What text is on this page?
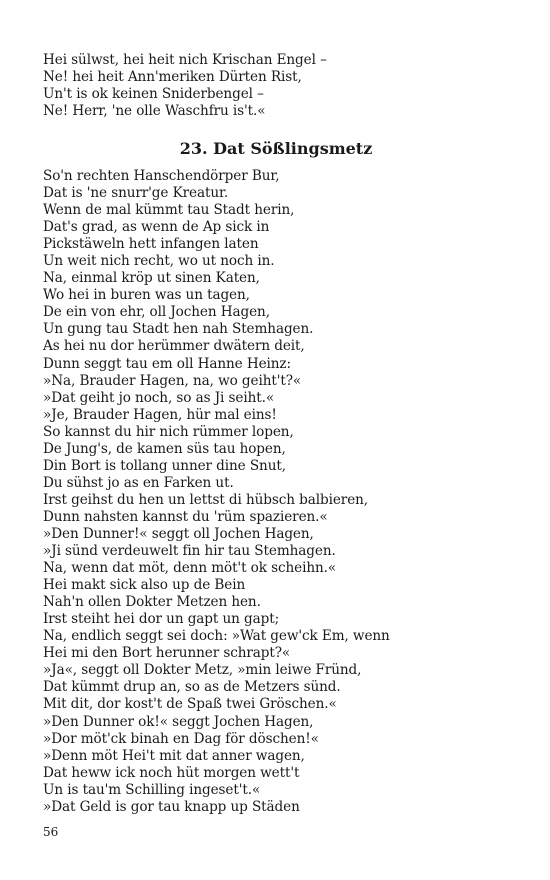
Hei sülwst, hei heit nich Krischan Engel –
Ne! hei heit Ann'meriken Dürten Rist,
Un't is ok keinen Sniderbengel –
Ne! Herr, 'ne olle Waschfru is't.«
23. Dat Sößlingsmetz
So'n rechten Hanschendörper Bur,
Dat is 'ne snurr'ge Kreatur.
Wenn de mal kümmt tau Stadt herin,
Dat's grad, as wenn de Ap sick in
Pickstäweln hett infangen laten
Un weit nich recht, wo ut noch in.
Na, einmal kröp ut sinen Katen,
Wo hei in buren was un tagen,
De ein von ehr, oll Jochen Hagen,
Un gung tau Stadt hen nah Stemhagen.
As hei nu dor herümmer dwätern deit,
Dunn seggt tau em oll Hanne Heinz:
»Na, Brauder Hagen, na, wo geiht't?«
»Dat geiht jo noch, so as Ji seiht.«
»Je, Brauder Hagen, hür mal eins!
So kannst du hir nich rümmer lopen,
De Jung's, de kamen süs tau hopen,
Din Bort is tollang unner dine Snut,
Du sühst jo as en Farken ut.
Irst geihst du hen un lettst di hübsch balbieren,
Dunn nahsten kannst du 'rüm spazieren.«
»Den Dunner!« seggt oll Jochen Hagen,
»Ji sünd verdeuwelt fin hir tau Stemhagen.
Na, wenn dat möt, denn möt't ok scheihn.«
Hei makt sick also up de Bein
Nah'n ollen Dokter Metzen hen.
Irst steiht hei dor un gapt un gapt;
Na, endlich seggt sei doch: »Wat gew'ck Em, wenn
Hei mi den Bort herunner schrapt?«
»Ja«, seggt oll Dokter Metz, »min leiwe Fründ,
Dat kümmt drup an, so as de Metzers sünd.
Mit dit, dor kost't de Spaß twei Gröschen.«
»Den Dunner ok!« seggt Jochen Hagen,
»Dor möt'ck binah en Dag för döschen!«
»Denn möt Hei't mit dat anner wagen,
Dat heww ick noch hüt morgen wett't
Un is tau'm Schilling ingeset't.«
»Dat Geld is gor tau knapp up Städen
56
